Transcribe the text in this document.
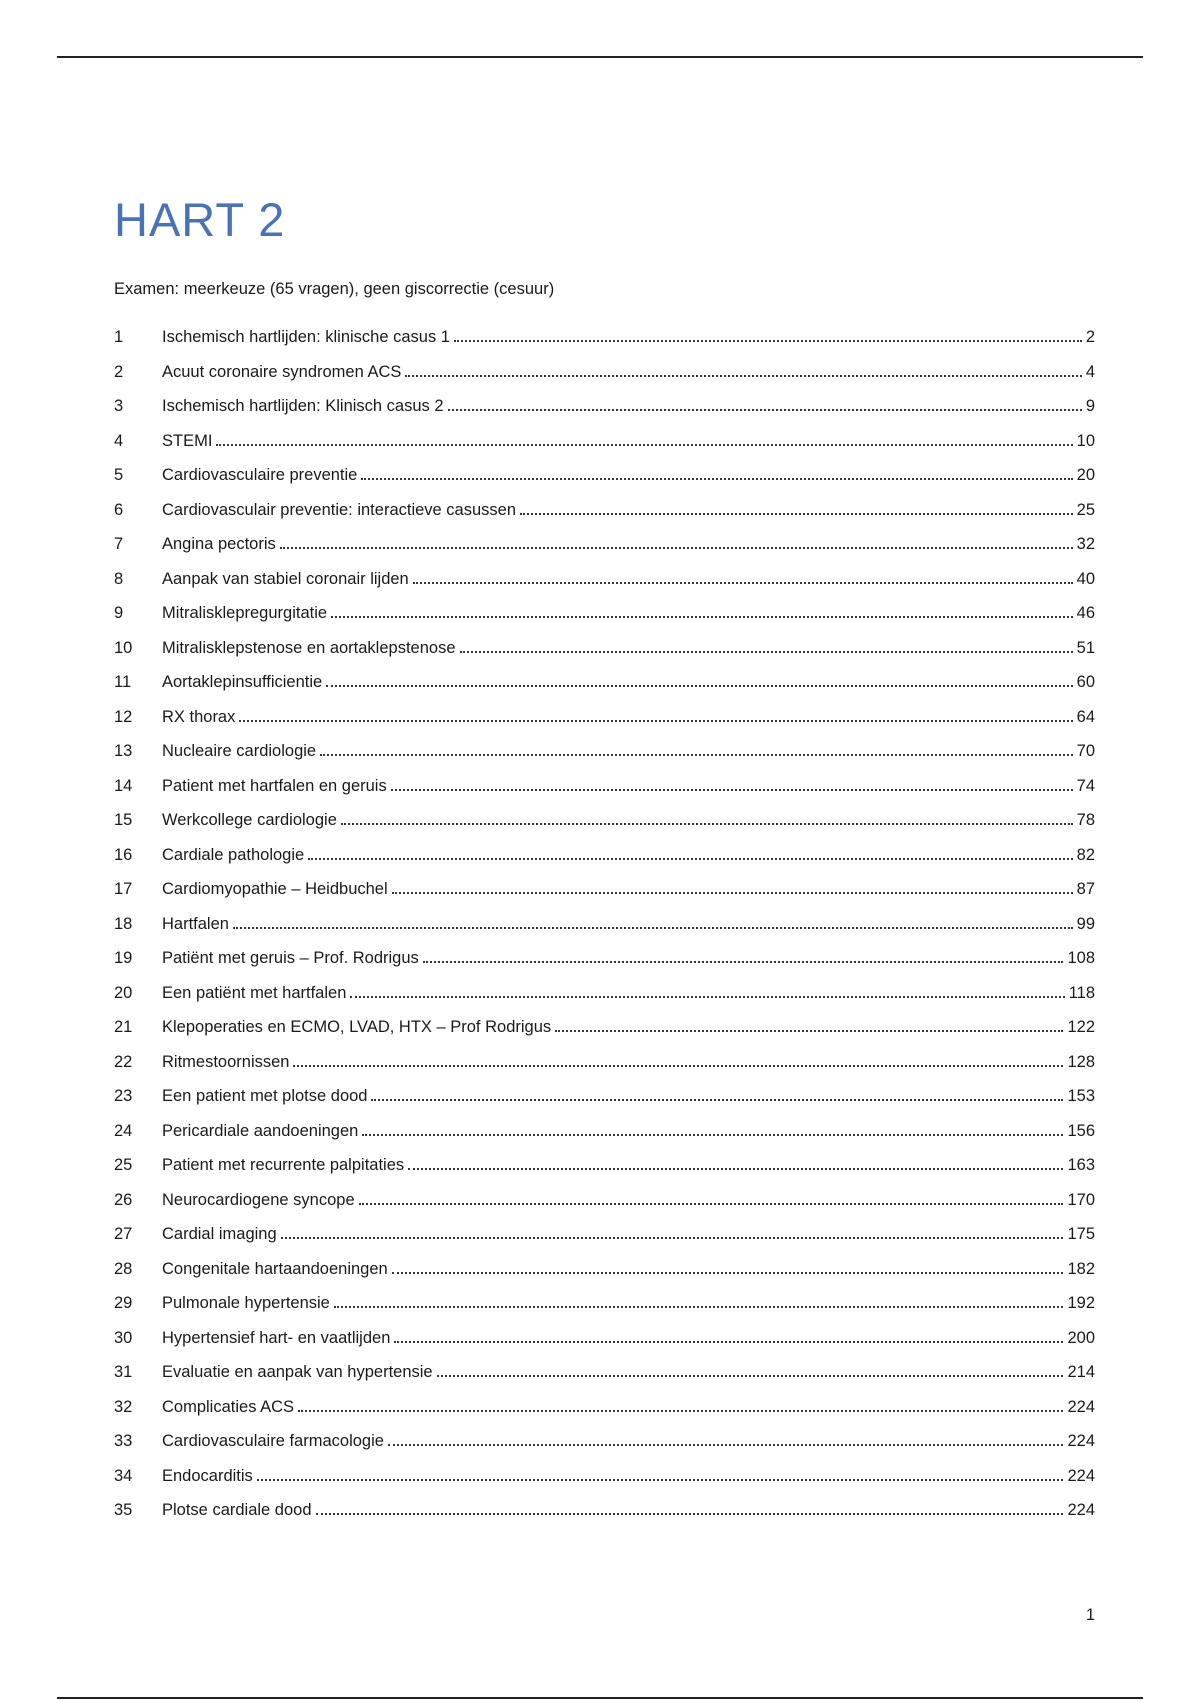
HART 2
Examen: meerkeuze (65 vragen), geen giscorrectie (cesuur)
1	Ischemisch hartlijden: klinische casus 1	2
2	Acuut coronaire syndromen ACS	4
3	Ischemisch hartlijden: Klinisch casus 2	9
4	STEMI	10
5	Cardiovasculaire preventie	20
6	Cardiovasculair preventie: interactieve casussen	25
7	Angina pectoris	32
8	Aanpak van stabiel coronair lijden	40
9	Mitralisklepregurgitatie	46
10	Mitralisklepstenose en aortaklepstenose	51
11	Aortaklepinsufficientie	60
12	RX thorax	64
13	Nucleaire cardiologie	70
14	Patient met hartfalen en geruis	74
15	Werkcollege cardiologie	78
16	Cardiale pathologie	82
17	Cardiomyopathie – Heidbuchel	87
18	Hartfalen	99
19	Patiënt met geruis – Prof. Rodrigus	108
20	Een patiënt met hartfalen	118
21	Klepoperaties en ECMO, LVAD, HTX – Prof Rodrigus	122
22	Ritmestoornissen	128
23	Een patient met plotse dood	153
24	Pericardiale aandoeningen	156
25	Patient met recurrente palpitaties	163
26	Neurocardiogene syncope	170
27	Cardial imaging	175
28	Congenitale hartaandoeningen	182
29	Pulmonale hypertensie	192
30	Hypertensief hart- en vaatlijden	200
31	Evaluatie en aanpak van hypertensie	214
32	Complicaties ACS	224
33	Cardiovasculaire farmacologie	224
34	Endocarditis	224
35	Plotse cardiale dood	224
1
